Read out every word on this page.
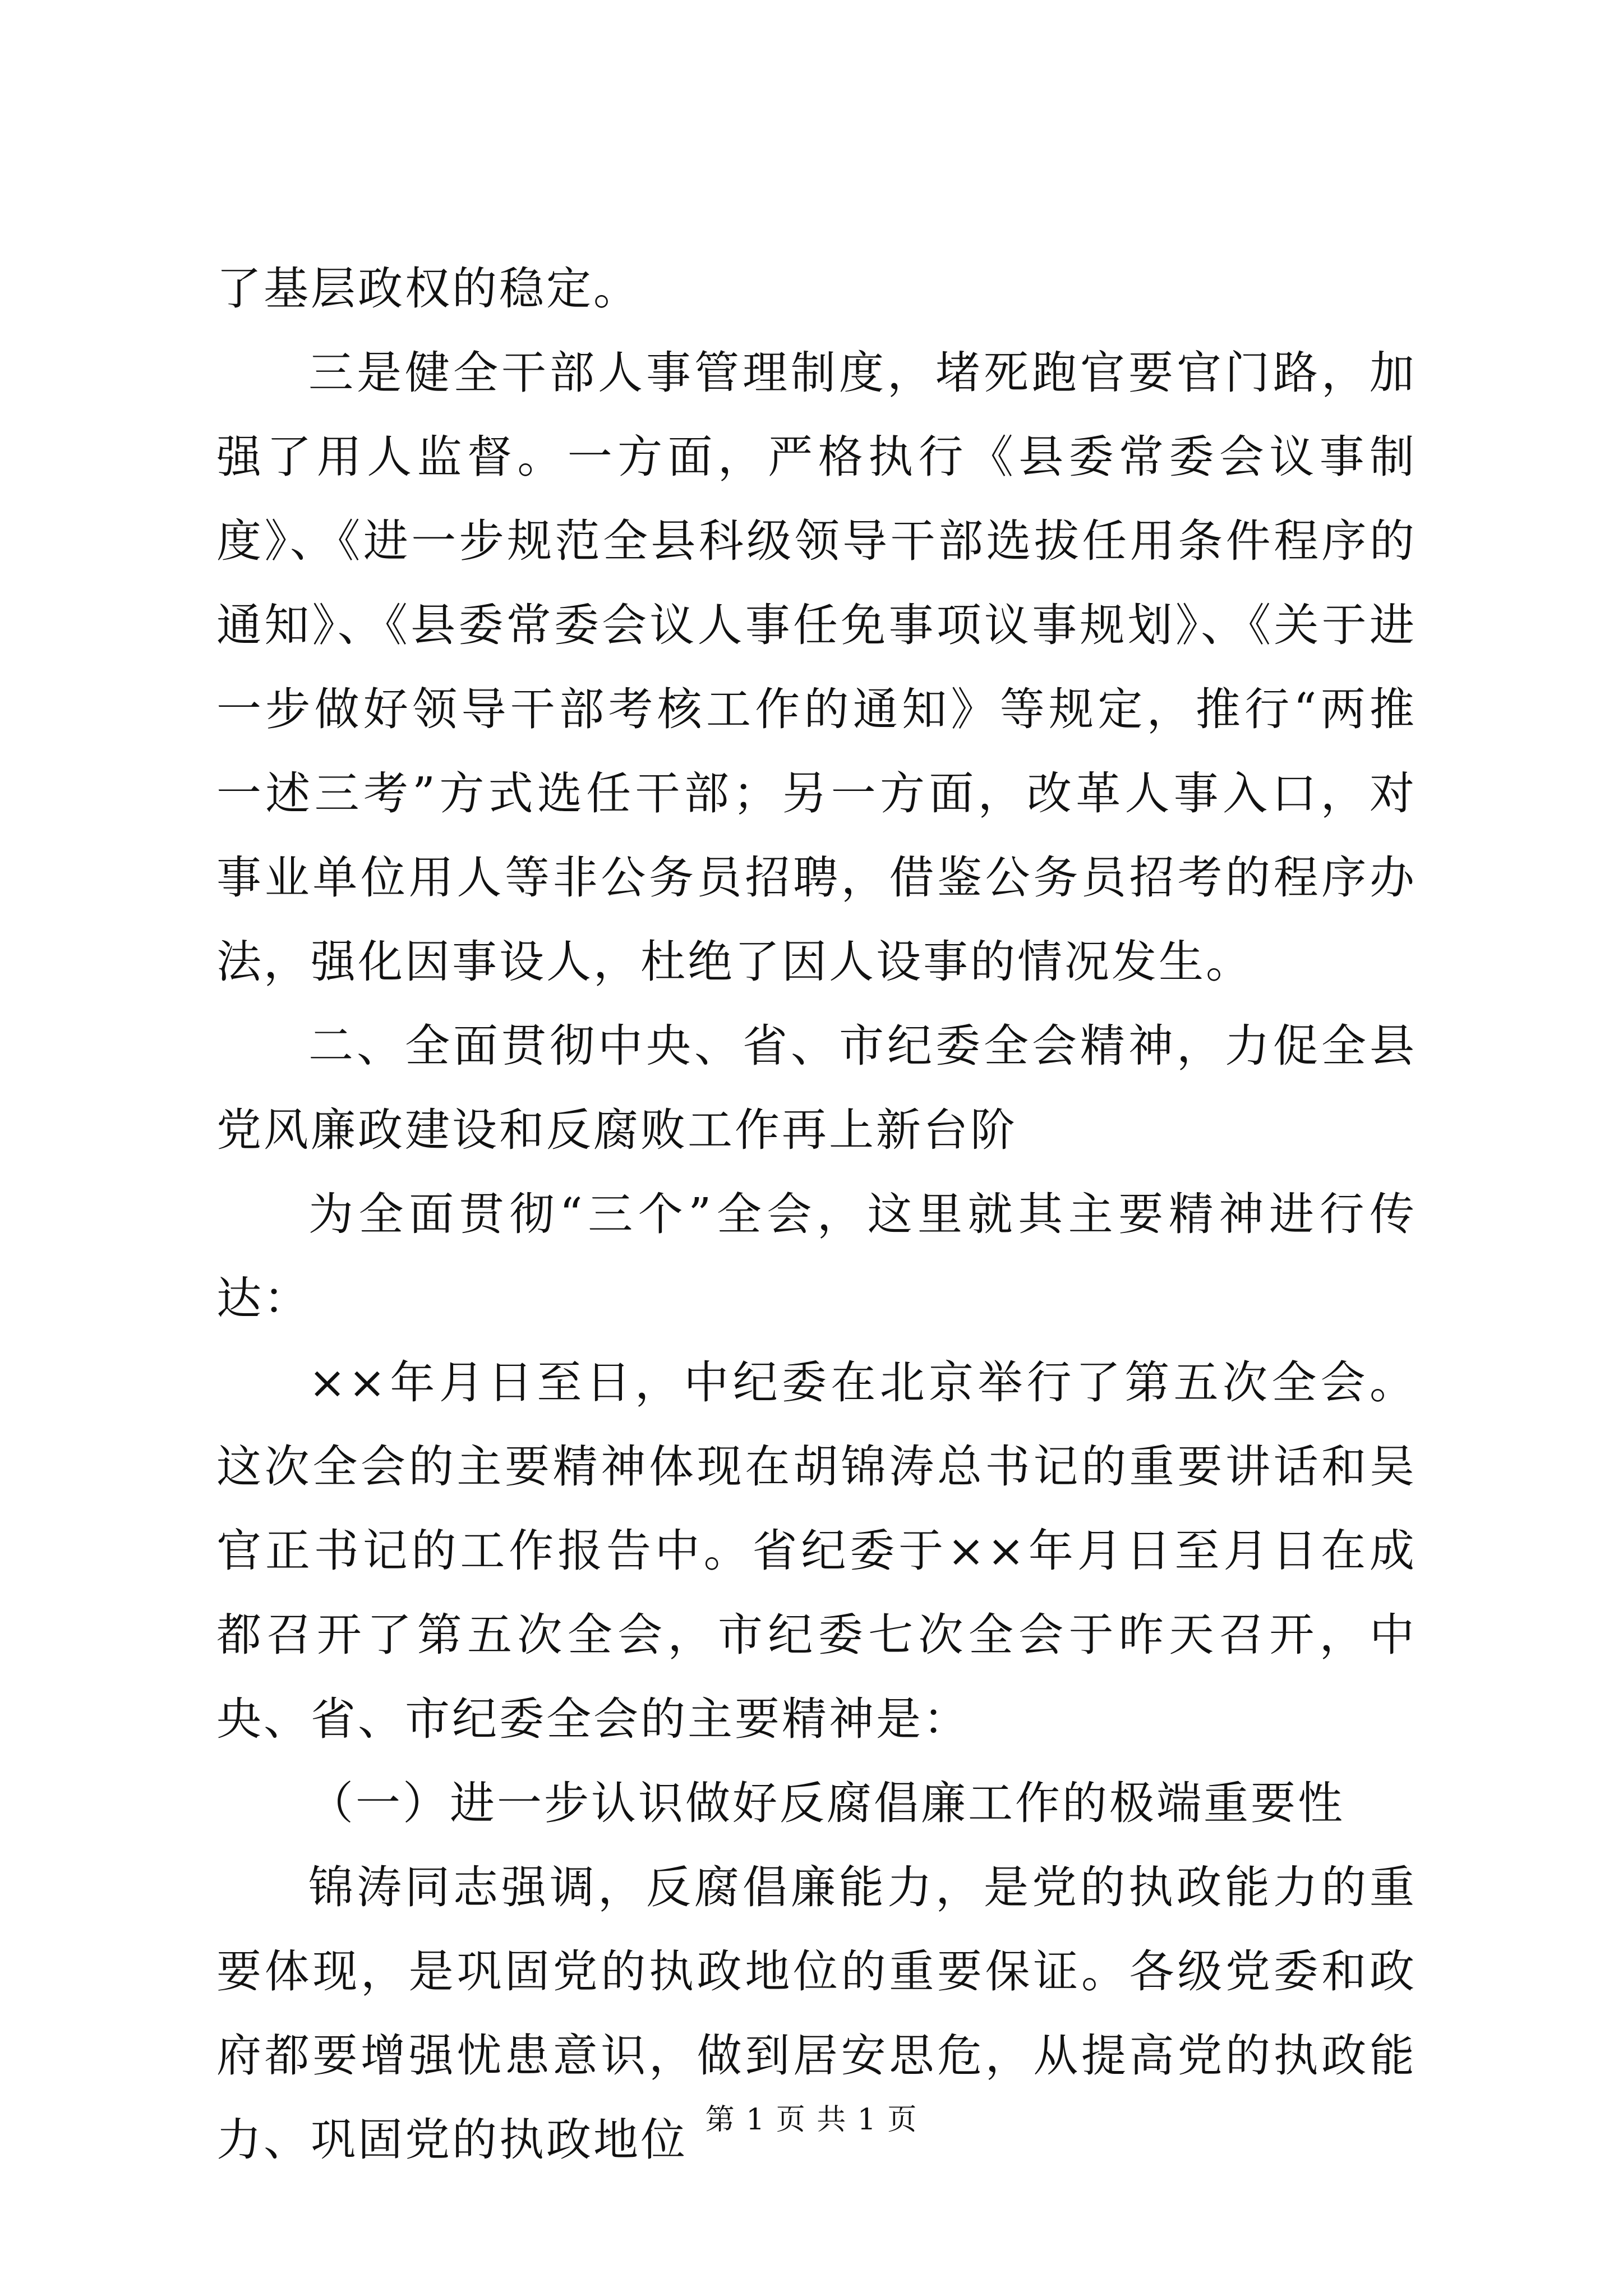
了基层政权的稳定。

三是健全干部人事管理制度，堵死跑官要官门路，加强了用人监督。一方面，严格执行《县委常委会议事制度》、《进一步规范全县科级领导干部选拔任用条件程序的通知》、《县委常委会议人事任免事项议事规划》、《关于进一步做好领导干部考核工作的通知》等规定，推行“两推一述三考”方式选任干部；另一方面，改革人事入口，对事业单位用人等非公务员招聘，借鉴公务员招考的程序办法，强化因事设人，杜绝了因人设事的情况发生。

二、全面贯彻中央、省、市纪委全会精神，力促全县党风廉政建设和反腐败工作再上新台阶

为全面贯彻“三个”全会，这里就其主要精神进行传达：

××年月日至日，中纪委在北京举行了第五次全会。这次全会的主要精神体现在胡锦涛总书记的重要讲话和吴官正书记的工作报告中。省纪委于××年月日至月日在成都召开了第五次全会，市纪委七次全会于昨天召开，中央、省、市纪委全会的主要精神是：

（一）进一步认识做好反腐倡廉工作的极端重要性

锦涛同志强调，反腐倡廉能力，是党的执政能力的重要体现，是巩固党的执政地位的重要保证。各级党委和政府都要增强忧患意识，做到居安思危，从提高党的执政能力、巩固党的执政地位 第 1 页 共 1 页
